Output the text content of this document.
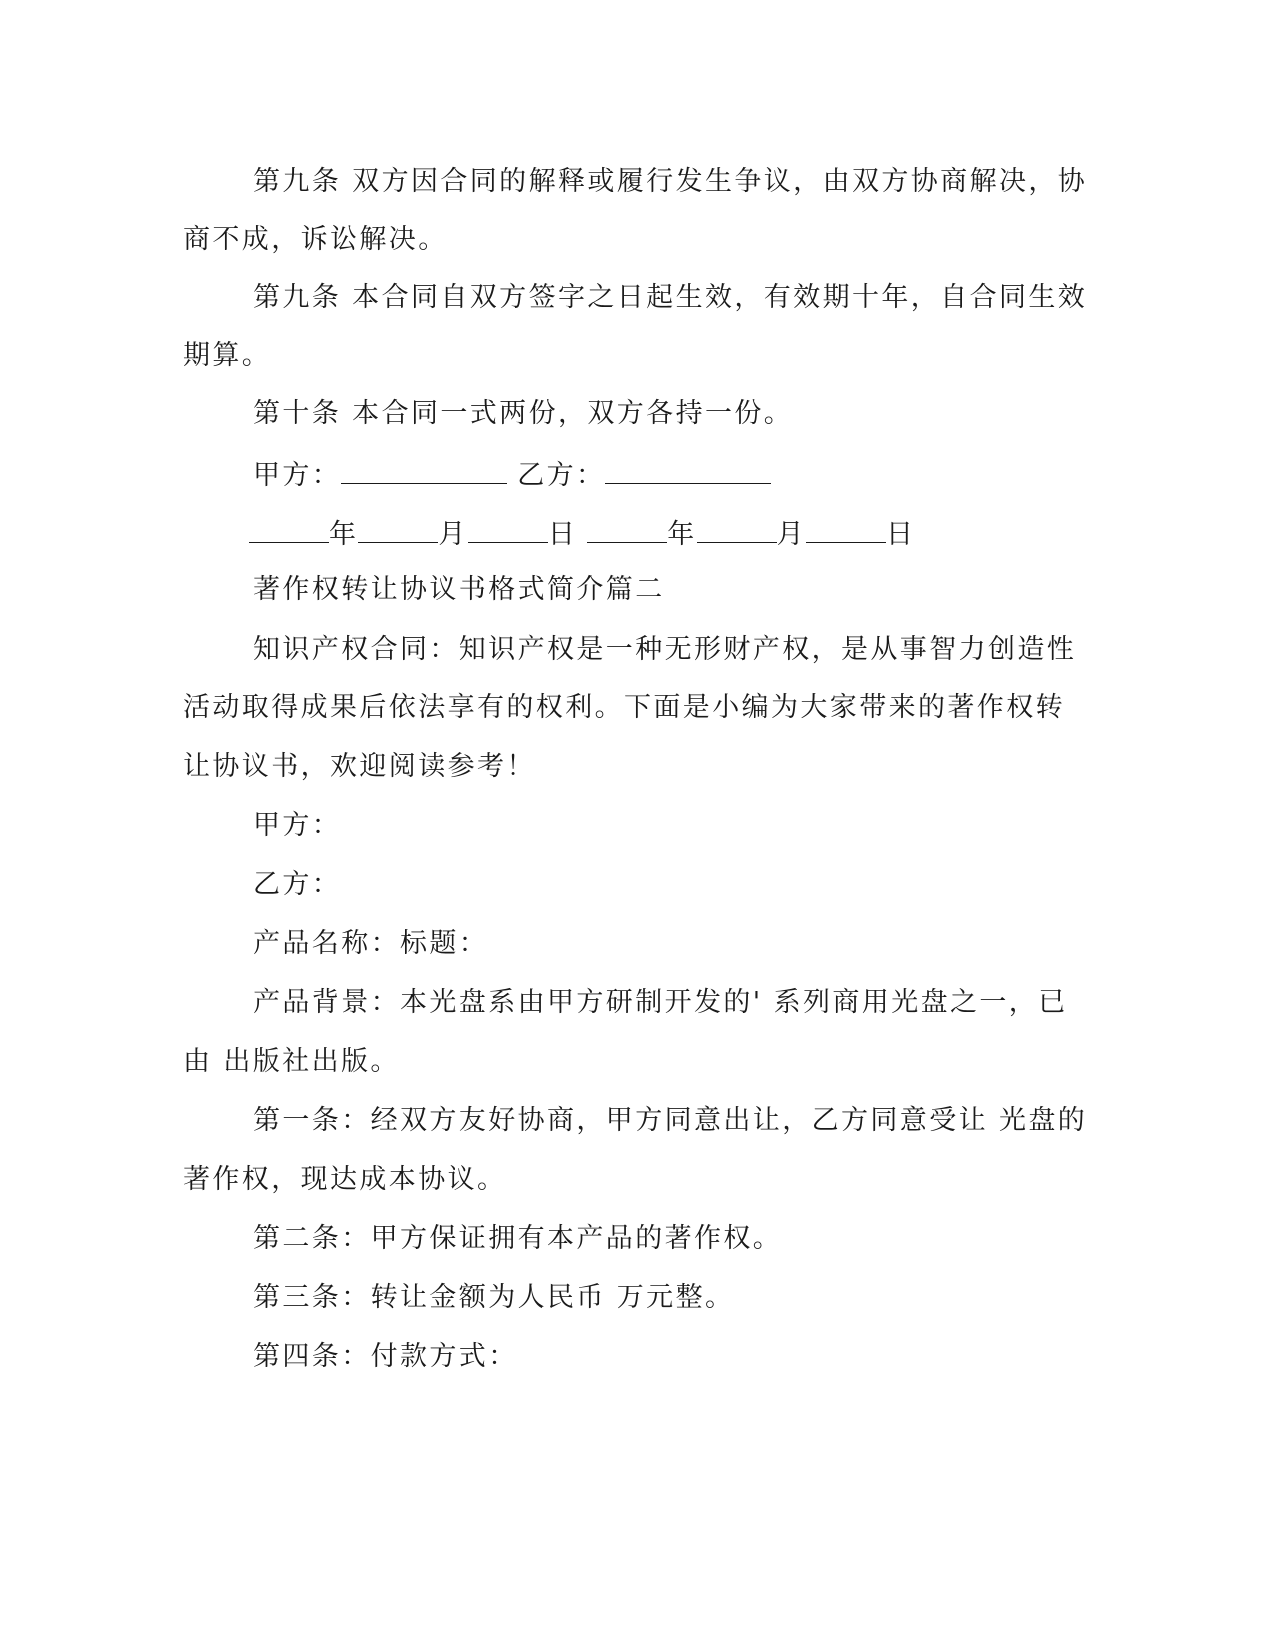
第九条 双方因合同的解释或履行发生争议，由双方协商解决，协
商不成，诉讼解决。
第九条 本合同自双方签字之日起生效，有效期十年，自合同生效
期算。
第十条 本合同一式两份，双方各持一份。
甲方：	乙方：
年	月	日	年	月	日
著作权转让协议书格式简介篇二
知识产权合同：知识产权是一种无形财产权，是从事智力创造性
活动取得成果后依法享有的权利。下面是小编为大家带来的著作权转
让协议书，欢迎阅读参考！
甲方：
乙方：
产品名称：标题：
产品背景：本光盘系由甲方研制开发的' 系列商用光盘之一，已
由 出版社出版。
第一条：经双方友好协商，甲方同意出让，乙方同意受让 光盘的
著作权，现达成本协议。
第二条：甲方保证拥有本产品的著作权。
第三条：转让金额为人民币 万元整。
第四条：付款方式：
